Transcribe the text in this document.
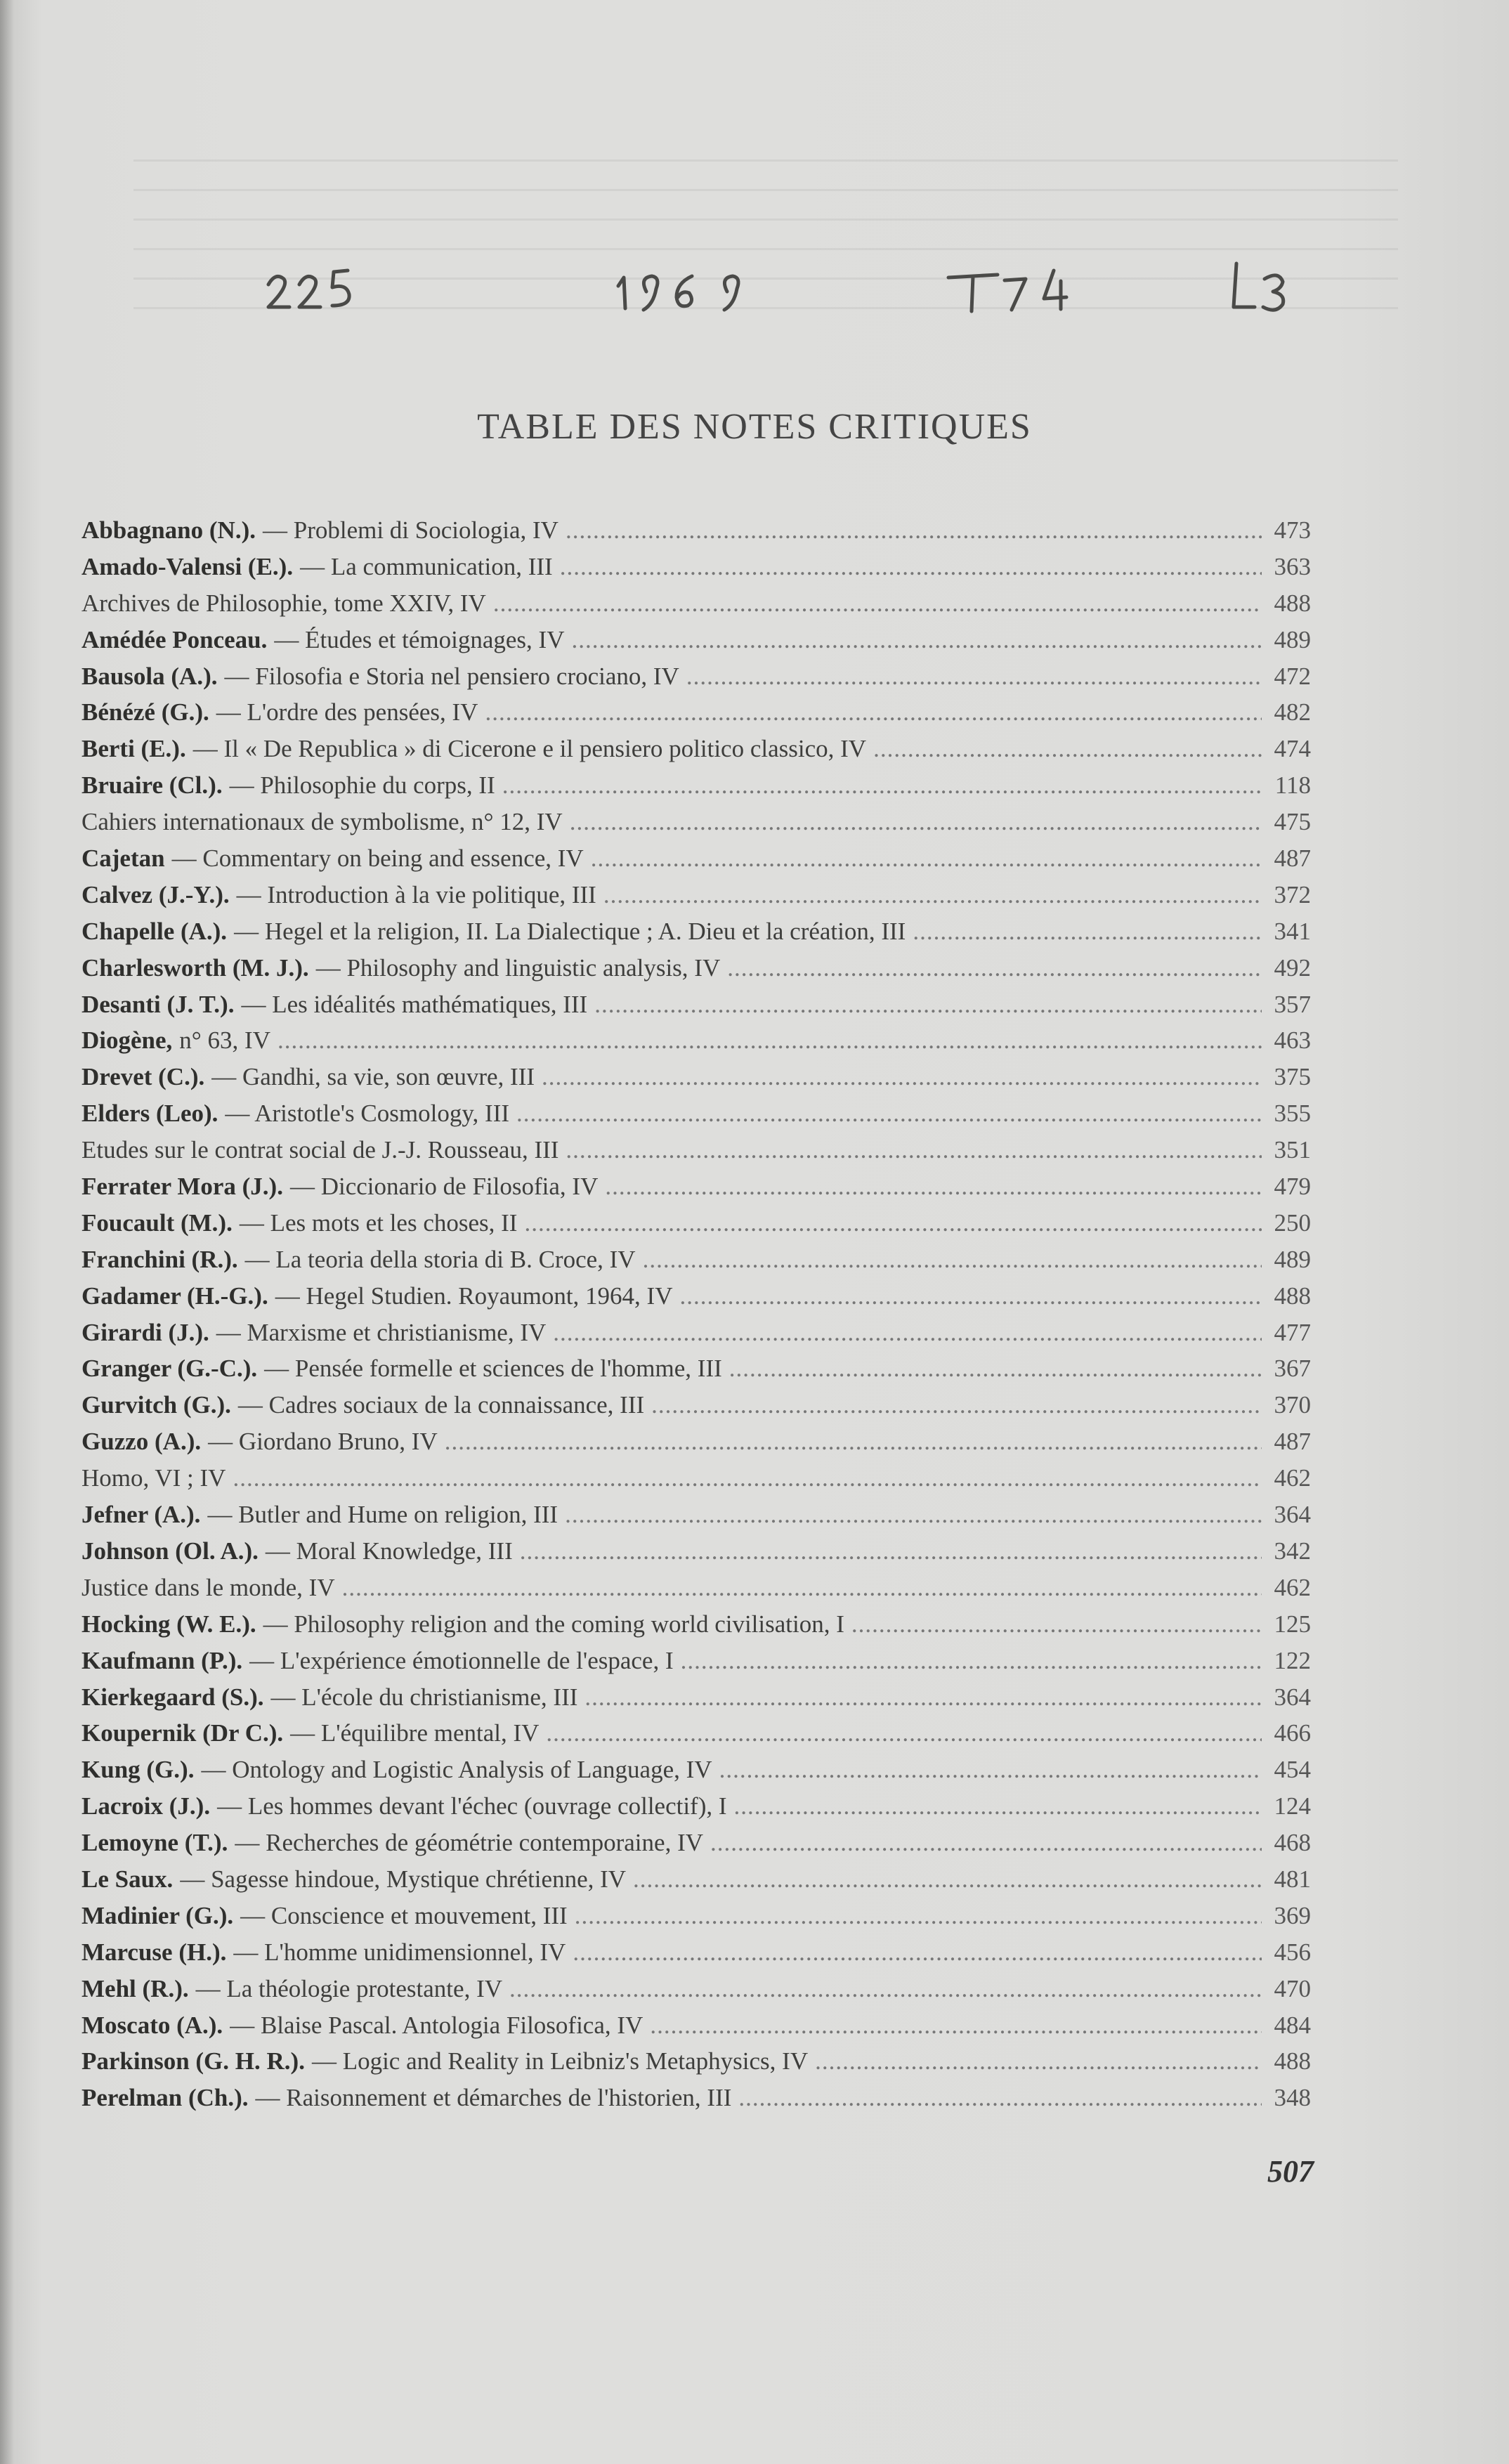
TABLE DES NOTES CRITIQUES
Abbagnano (N.). — Problemi di Sociologia, IV .....	473
Amado-Valensi (E.). — La communication, III .....	363
Archives de Philosophie, tome XXIV, IV .....	488
Amédée Ponceau. — Études et témoignages, IV .....	489
Bausola (A.). — Filosofia e Storia nel pensiero crociano, IV .....	472
Bénézé (G.). — L'ordre des pensées, IV .....	482
Berti (E.). — Il « De Republica » di Cicerone e il pensiero politico classico, IV .....	474
Bruaire (Cl.). — Philosophie du corps, II .....	118
Cahiers internationaux de symbolisme, n° 12, IV .....	475
Cajetan — Commentary on being and essence, IV .....	487
Calvez (J.-Y.). — Introduction à la vie politique, III .....	372
Chapelle (A.). — Hegel et la religion, II. La Dialectique ; A. Dieu et la création, III .....	341
Charlesworth (M. J.). — Philosophy and linguistic analysis, IV .....	492
Desanti (J. T.). — Les idéalités mathématiques, III .....	357
Diogène, n° 63, IV .....	463
Drevet (C.). — Gandhi, sa vie, son œuvre, III .....	375
Elders (Leo). — Aristotle's Cosmology, III .....	355
Etudes sur le contrat social de J.-J. Rousseau, III .....	351
Ferrater Mora (J.). — Diccionario de Filosofia, IV .....	479
Foucault (M.). — Les mots et les choses, II .....	250
Franchini (R.). — La teoria della storia di B. Croce, IV .....	489
Gadamer (H.-G.). — Hegel Studien. Royaumont, 1964, IV .....	488
Girardi (J.). — Marxisme et christianisme, IV .....	477
Granger (G.-C.). — Pensée formelle et sciences de l'homme, III .....	367
Gurvitch (G.). — Cadres sociaux de la connaissance, III .....	370
Guzzo (A.). — Giordano Bruno, IV .....	487
Homo, VI ; IV .....	462
Jefner (A.). — Butler and Hume on religion, III .....	364
Johnson (Ol. A.). — Moral Knowledge, III .....	342
Justice dans le monde, IV .....	462
Hocking (W. E.). — Philosophy religion and the coming world civilisation, I .....	125
Kaufmann (P.). — L'expérience émotionnelle de l'espace, I .....	122
Kierkegaard (S.). — L'école du christianisme, III .....	364
Koupernik (Dr C.). — L'équilibre mental, IV .....	466
Kung (G.). — Ontology and Logistic Analysis of Language, IV .....	454
Lacroix (J.). — Les hommes devant l'échec (ouvrage collectif), I .....	124
Lemoyne (T.). — Recherches de géométrie contemporaine, IV .....	468
Le Saux. — Sagesse hindoue, Mystique chrétienne, IV .....	481
Madinier (G.). — Conscience et mouvement, III .....	369
Marcuse (H.). — L'homme unidimensionnel, IV .....	456
Mehl (R.). — La théologie protestante, IV .....	470
Moscato (A.). — Blaise Pascal. Antologia Filosofica, IV .....	484
Parkinson (G. H. R.). — Logic and Reality in Leibniz's Metaphysics, IV .....	488
Perelman (Ch.). — Raisonnement et démarches de l'historien, III .....	348
507
